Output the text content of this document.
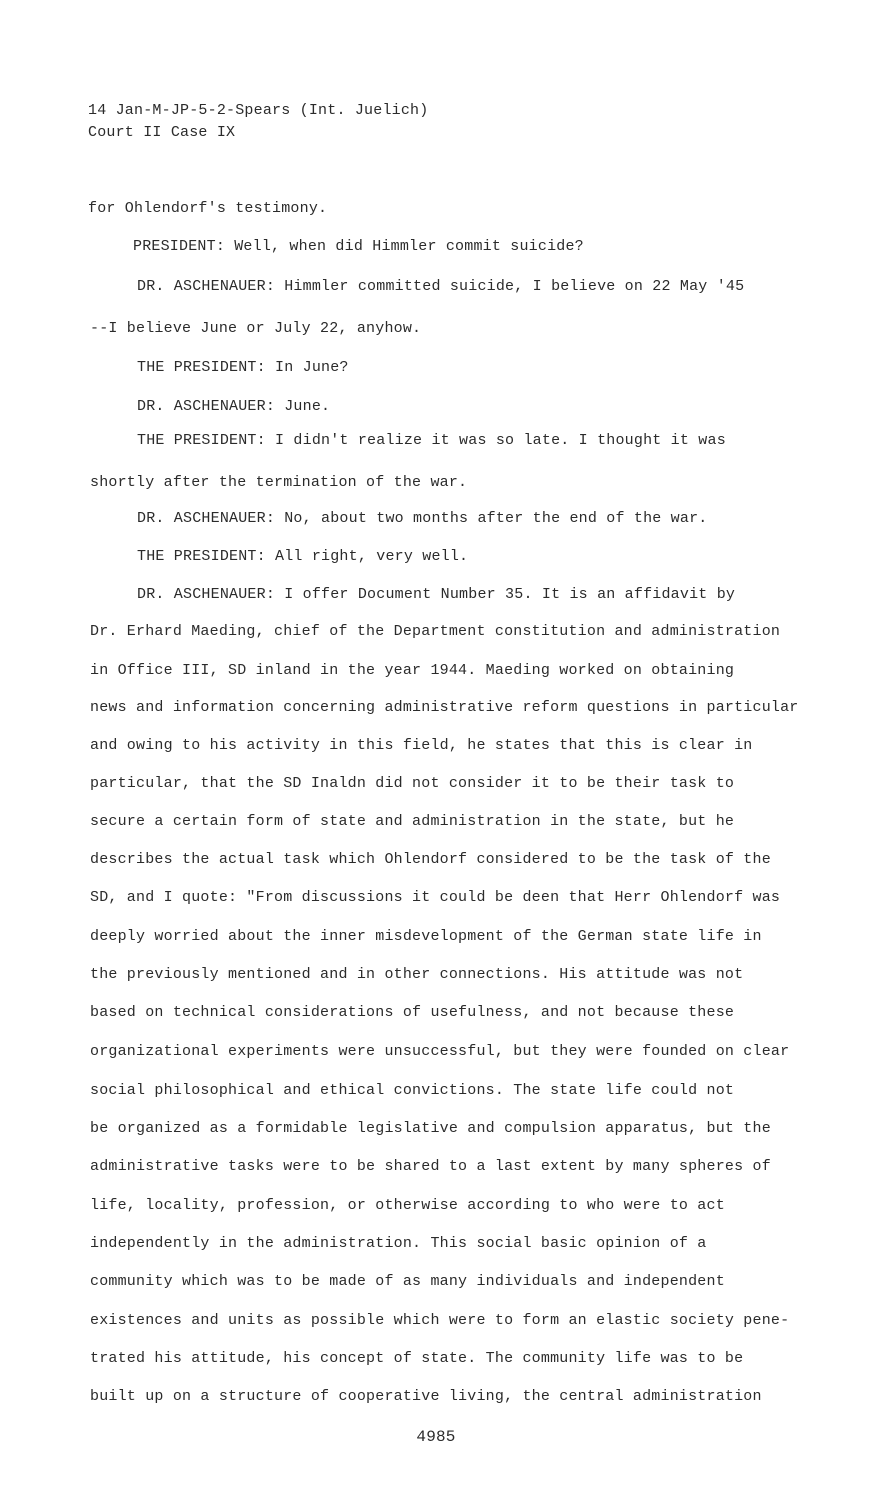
14 Jan-M-JP-5-2-Spears (Int. Juelich)
Court II Case IX
for Ohlendorf's testimony.
PRESIDENT: Well, when did Himmler commit suicide?
DR. ASCHENAUER: Himmler committed suicide, I believe on 22 May '45
--I believe June or July 22, anyhow.
THE PRESIDENT: In June?
DR. ASCHENAUER: June.
THE PRESIDENT: I didn't realize it was so late. I thought it was
shortly after the termination of the war.
DR. ASCHENAUER: No, about two months after the end of the war.
THE PRESIDENT: All right, very well.
DR. ASCHENAUER: I offer Document Number 35. It is an affidavit by
Dr. Erhard Maeding, chief of the Department constitution and administration
in Office III, SD inland in the year 1944. Maeding worked on obtaining
news and information concerning administrative reform questions in particular
and owing to his activity in this field, he states that this is clear in
particular, that the SD Inaldn did not consider it to be their task to
secure a certain form of state and administration in the state, but he
describes the actual task which Ohlendorf considered to be the task of the
SD, and I quote: "From discussions it could be deen that Herr Ohlendorf was
deeply worried about the inner misdevelopment of the German state life in
the previously mentioned and in other connections. His attitude was not
based on technical considerations of usefulness, and not because these
organizational experiments were unsuccessful, but they were founded on clear
social philosophical and ethical convictions. The state life could not
be organized as a formidable legislative and compulsion apparatus, but the
administrative tasks were to be shared to a last extent by many spheres of
life, locality, profession, or otherwise according to who were to act
independently in the administration. This social basic opinion of a
community which was to be made of as many individuals and independent
existences and units as possible which were to form an elastic society pene-
trated his attitude, his concept of state. The community life was to be
built up on a structure of cooperative living, the central administration
4985
